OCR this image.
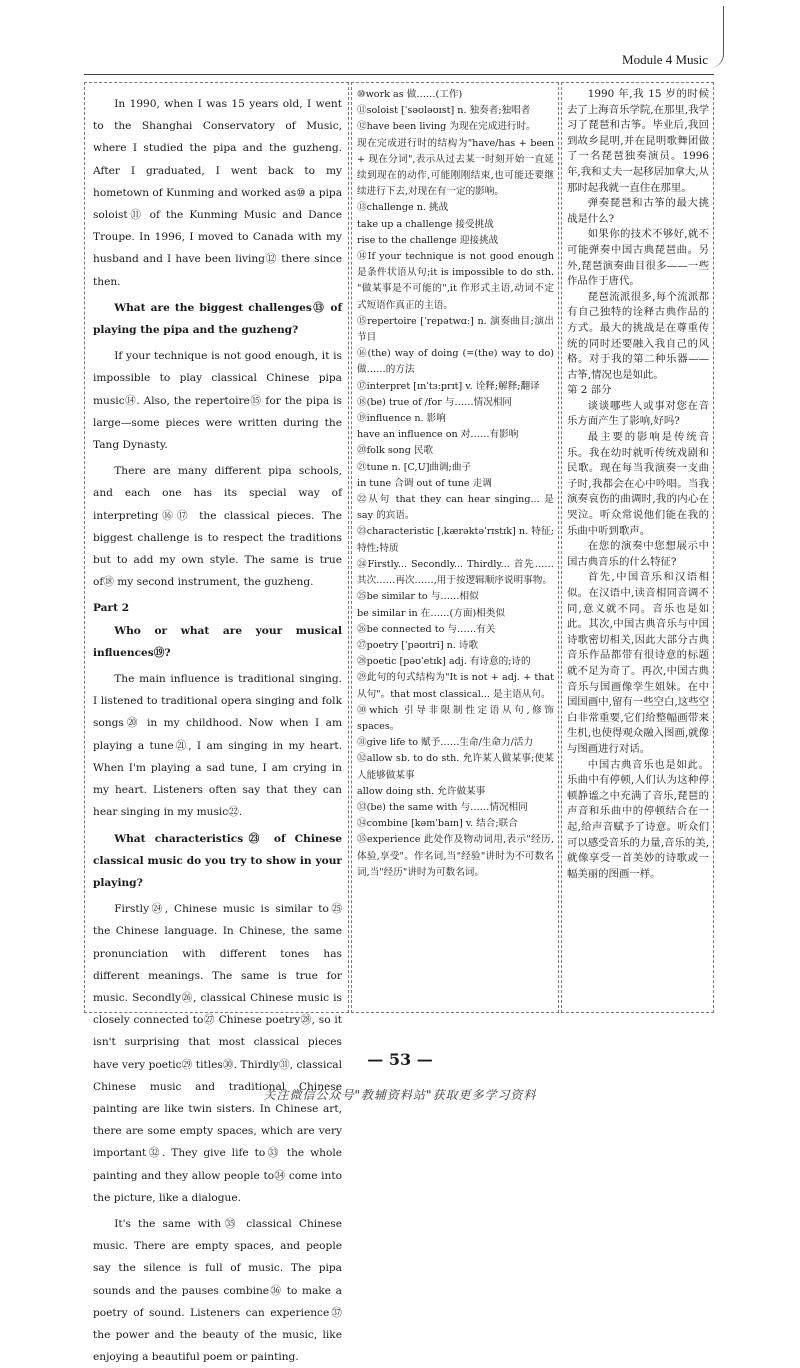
Module 4 Music

In 1990, when I was 15 years old, I went to the Shanghai Conservatory of Music, where I studied the pipa and the guzheng. After I graduated, I went back to my hometown of Kunming and worked as⑩ a pipa soloist⑪ of the Kunming Music and Dance Troupe. In 1996, I moved to Canada with my husband and I have been living⑫ there since then.

What are the biggest challenges⑬ of playing the pipa and the guzheng?

If your technique is not good enough, it is impossible to play classical Chinese pipa music⑭. Also, the repertoire⑮ for the pipa is large—some pieces were written during the Tang Dynasty.

There are many different pipa schools, and each one has its special way of interpreting⑯⑰ the classical pieces. The biggest challenge is to respect the traditions but to add my own style. The same is true of⑱ my second instrument, the guzheng.

Part 2

Who or what are your musical influences⑲?

The main influence is traditional singing. I listened to traditional opera singing and folk songs⑳ in my childhood. Now when I am playing a tune㉑, I am singing in my heart. When I'm playing a sad tune, I am crying in my heart. Listeners often say that they can hear singing in my music㉒.

What characteristics㉓ of Chinese classical music do you try to show in your playing?

Firstly㉔, Chinese music is similar to㉕ the Chinese language. In Chinese, the same pronunciation with different tones has different meanings. The same is true for music. Secondly㉖, classical Chinese music is closely connected to㉗ Chinese poetry㉘, so it isn't surprising that most classical pieces have very poetic㉙ titles㉚. Thirdly㉛, classical Chinese music and traditional Chinese painting are like twin sisters. In Chinese art, there are some empty spaces, which are very important㉜. They give life to㉝ the whole painting and they allow people to㉞ come into the picture, like a dialogue.

It's the same with㉟ classical Chinese music. There are empty spaces, and people say the silence is full of music. The pipa sounds and the pauses combine㊱ to make a poetry of sound. Listeners can experience㊲ the power and the beauty of the music, like enjoying a beautiful poem or painting.

⑩work as 做……(工作)
⑪soloist [ˈsəʊləʊɪst] n. 独奏者;独唱者
⑫have been living 为现在完成进行时。
现在完成进行时的结构为"have/has + been + 现在分词",表示从过去某一时刻开始一直延续到现在的动作,可能刚刚结束,也可能还要继续进行下去,对现在有一定的影响。
⑬challenge n. 挑战
take up a challenge 接受挑战
rise to the challenge 迎接挑战
⑭If your technique is not good enough 是条件状语从句;it is impossible to do sth. "做某事是不可能的",it 作形式主语,动词不定式短语作真正的主语。
⑮repertoire [ˈrepətwɑː] n. 演奏曲目;演出节目
⑯(the) way of doing (=(the) way to do) 做……的方法
⑰interpret [ɪnˈtɜːprɪt] v. 诠释;解释;翻译
⑱(be) true of /for 与……情况相同
⑲influence n. 影响
have an influence on 对……有影响
⑳folk song 民歌
㉑tune n. [C,U]曲调;曲子
in tune 合调 out of tune 走调
㉒从句 that they can hear singing... 是 say 的宾语。
㉓characteristic [ˌkærəktəˈrɪstɪk] n. 特征;特性;特质
㉔Firstly... Secondly... Thirdly... 首先……其次……再次……,用于按逻辑顺序说明事物。
㉕be similar to 与……相似
be similar in 在……(方面)相类似
㉖be connected to 与……有关
㉗poetry [ˈpəʊɪtri] n. 诗歌
㉘poetic [pəʊˈetɪk] adj. 有诗意的;诗的
㉙此句的句式结构为"It is not + adj. + that 从句"。that most classical... 是主语从句。
㉚which 引导非限制性定语从句,修饰 spaces。
㉛give life to 赋予……生命/生命力/活力
㉜allow sb. to do sth. 允许某人做某事;使某人能够做某事
allow doing sth. 允许做某事
㉝(be) the same with 与……情况相同
㉞combine [kəmˈbaɪn] v. 结合;联合
㉟experience 此处作及物动词用,表示"经历,体验,享受"。作名词,当"经验"讲时为不可数名词,当"经历"讲时为可数名词。

1990 年,我 15 岁的时候去了上海音乐学院,在那里,我学习了琵琶和古筝。毕业后,我回到故乡昆明,并在昆明歌舞团做了一名琵琶独奏演员。1996 年,我和丈夫一起移居加拿大,从那时起我就一直住在那里。

弹奏琵琶和古筝的最大挑战是什么?

如果你的技术不够好,就不可能弹奏中国古典琵琶曲。另外,琵琶演奏曲目很多——一些作品作于唐代。

琵琶流派很多,每个流派都有自己独特的诠释古典作品的方式。最大的挑战是在尊重传统的同时还要融入我自己的风格。对于我的第二种乐器——古筝,情况也是如此。

第 2 部分

谈谈哪些人或事对您在音乐方面产生了影响,好吗?

最主要的影响是传统音乐。我在幼时就听传统戏剧和民歌。现在每当我演奏一支曲子时,我都会在心中吟唱。当我演奏哀伤的曲调时,我的内心在哭泣。听众常说他们能在我的乐曲中听到歌声。

在您的演奏中您想展示中国古典音乐的什么特征?

首先,中国音乐和汉语相似。在汉语中,读音相同音调不同,意义就不同。音乐也是如此。其次,中国古典音乐与中国诗歌密切相关,因此大部分古典音乐作品都带有很诗意的标题就不足为奇了。再次,中国古典音乐与国画像孪生姐妹。在中国国画中,留有一些空白,这些空白非常重要,它们给整幅画带来生机,也使得观众融入图画,就像与图画进行对话。

中国古典音乐也是如此。乐曲中有停顿,人们认为这种停顿静谧之中充满了音乐,琵琶的声音和乐曲中的停顿结合在一起,给声音赋予了诗意。听众们可以感受音乐的力量,音乐的美,就像享受一首美妙的诗歌或一幅美丽的图画一样。

— 53 —
关注微信公众号"教辅资料站"获取更多学习资料
